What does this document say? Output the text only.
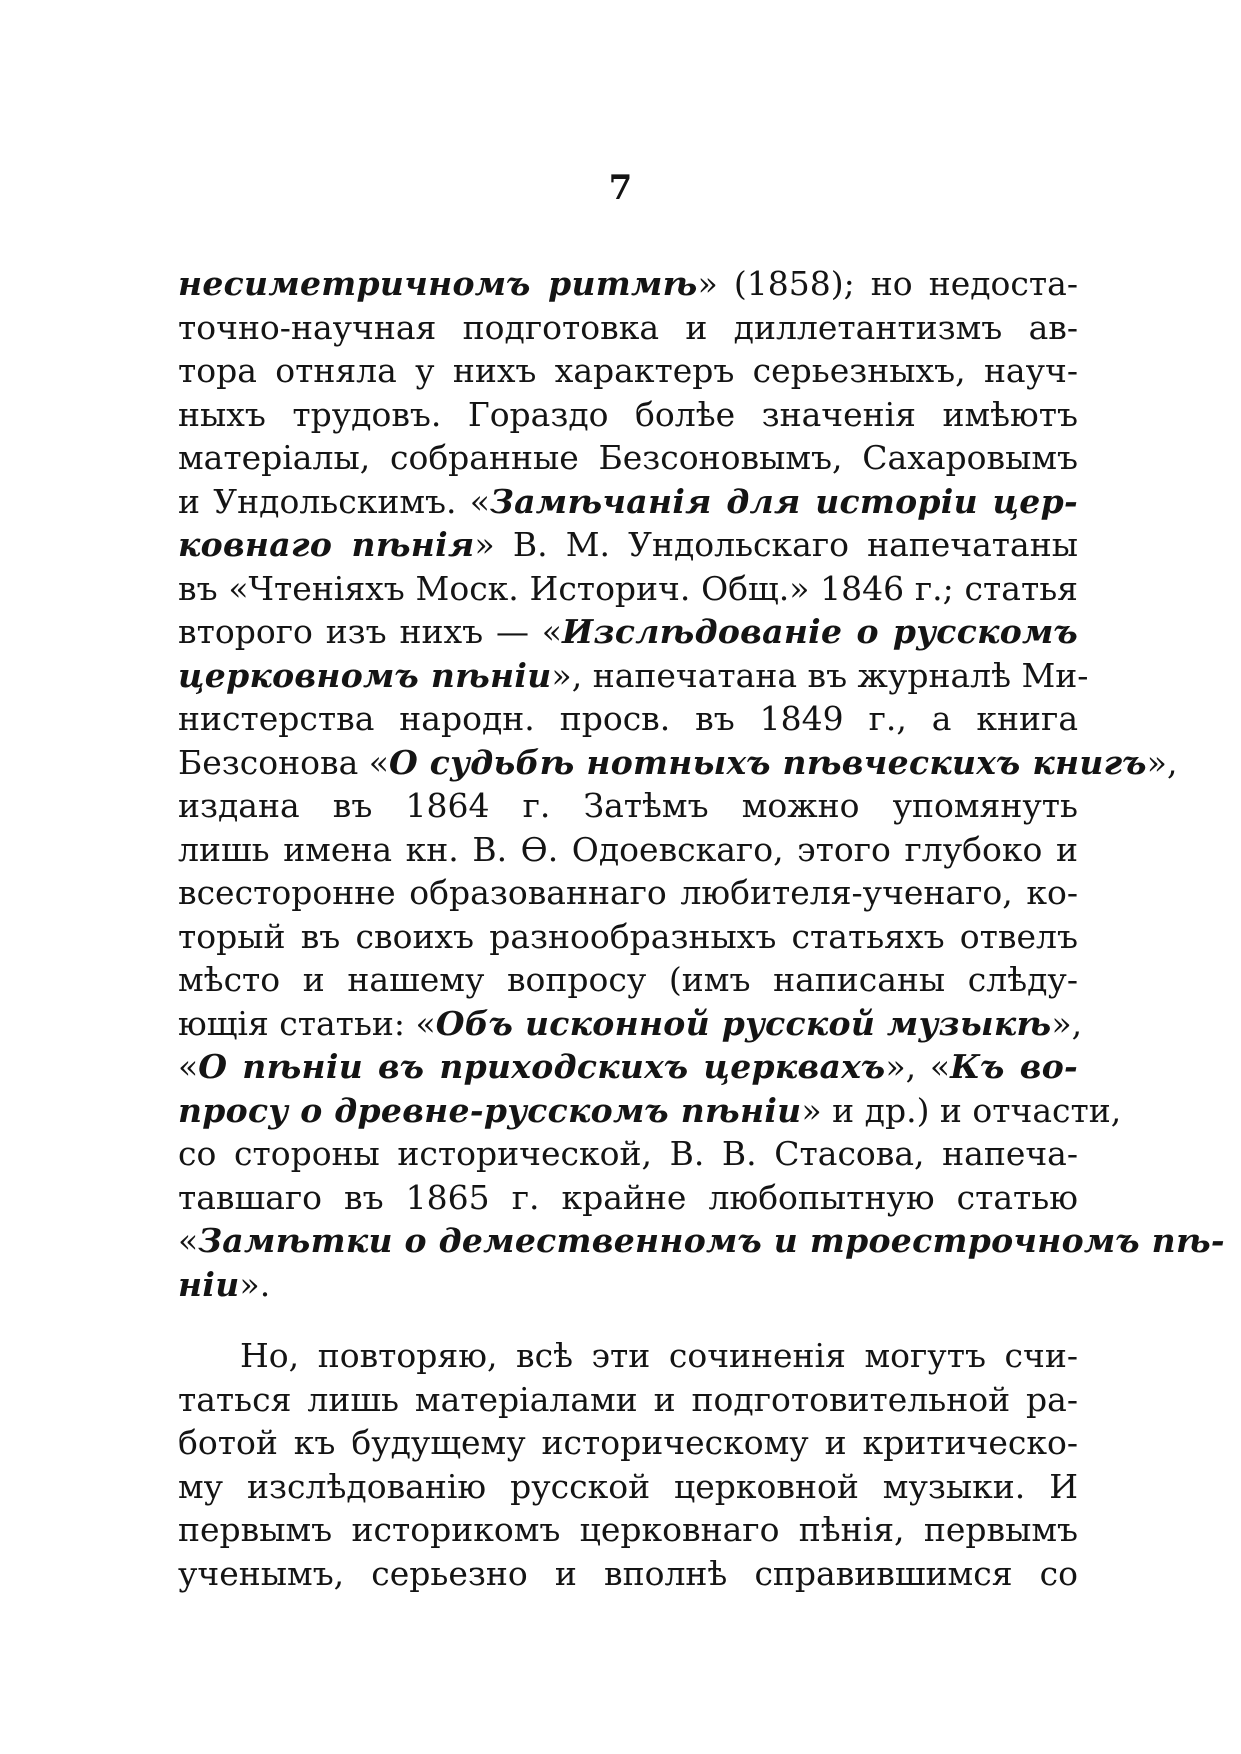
7
несиметричномъ ритмѣ» (1858); но недоста-
точно-научная подготовка и диллетантизмъ ав-
тора отняла у нихъ характеръ серьезныхъ, науч-
ныхъ трудовъ. Гораздо болѣе значенія имѣютъ
матеріалы, собранные Безсоновымъ, Сахаровымъ
и Ундольскимъ. «Замѣчанія для исторіи цер-
ковнаго пѣнія» В. М. Ундольскаго напечатаны
въ «Чтеніяхъ Моск. Историч. Общ.» 1846 г.; статья
второго изъ нихъ — «Изслѣдованіе о русскомъ
церковномъ пѣніи», напечатана въ журналѣ Ми-
нистерства народн. просв. въ 1849 г., а книга
Безсонова «О судьбѣ нотныхъ пѣвческихъ книгъ»,
издана въ 1864 г. Затѣмъ можно упомянуть
лишь имена кн. В. Ѳ. Одоевскаго, этого глубоко и
всесторонне образованнаго любителя-ученаго, ко-
торый въ своихъ разнообразныхъ статьяхъ отвелъ
мѣсто и нашему вопросу (имъ написаны слѣду-
ющія статьи: «Объ исконной русской музыкѣ»,
«О пѣніи въ приходскихъ церквахъ», «Къ во-
просу о древне-русскомъ пѣніи» и др.) и отчасти,
со стороны исторической, В. В. Стасова, напеча-
тавшаго въ 1865 г. крайне любопытную статью
«Замѣтки о демественномъ и троестрочномъ пѣ-
ніи».
Но, повторяю, всѣ эти сочиненія могутъ счи-
таться лишь матеріалами и подготовительной ра-
ботой къ будущему историческому и критическо-
му изслѣдованію русской церковной музыки. И
первымъ историкомъ церковнаго пѣнія, первымъ
ученымъ, серьезно и вполнѣ справившимся со
